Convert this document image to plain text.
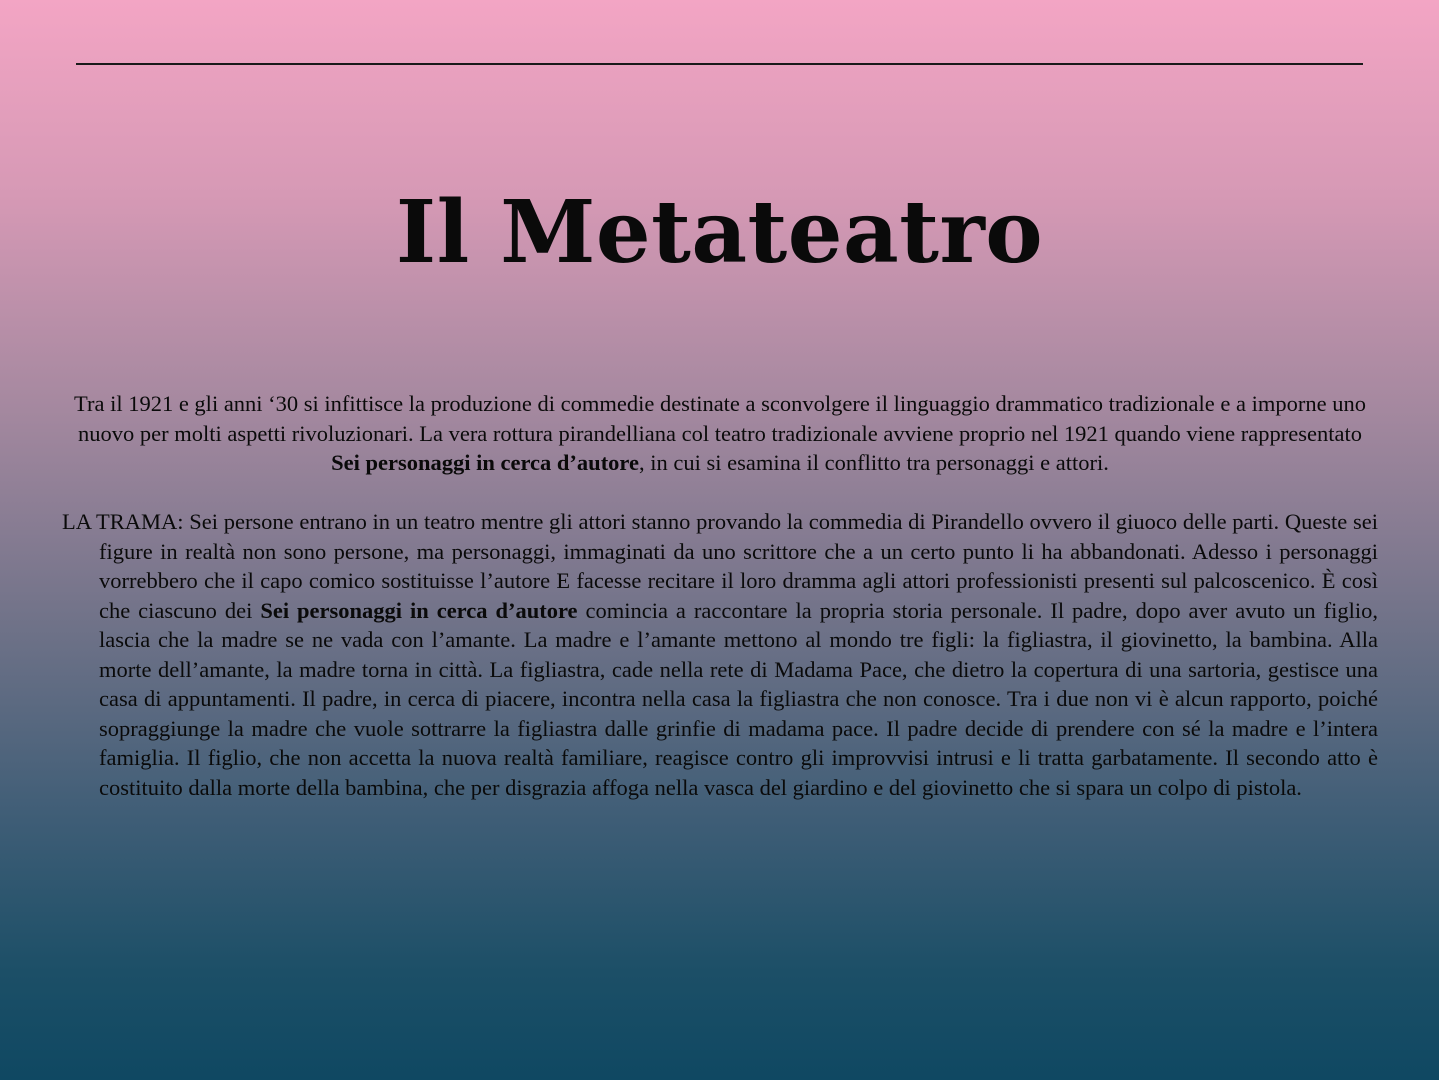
Il Metateatro

Tra il 1921 e gli anni ‘30 si infittisce la produzione di commedie destinate a sconvolgere il linguaggio drammatico tradizionale e a imporne uno nuovo per molti aspetti rivoluzionari. La vera rottura pirandelliana col teatro tradizionale avviene proprio nel 1921 quando viene rappresentato Sei personaggi in cerca d’autore, in cui si esamina il conflitto tra personaggi e attori.

LA TRAMA: Sei persone entrano in un teatro mentre gli attori stanno provando la commedia di Pirandello ovvero il giuoco delle parti. Queste sei figure in realtà non sono persone, ma personaggi, immaginati da uno scrittore che a un certo punto li ha abbandonati. Adesso i personaggi vorrebbero che il capo comico sostituisse l’autore E facesse recitare il loro dramma agli attori professionisti presenti sul palcoscenico. È così che ciascuno dei Sei personaggi in cerca d’autore comincia a raccontare la propria storia personale. Il padre, dopo aver avuto un figlio, lascia che la madre se ne vada con l’amante. La madre e l’amante mettono al mondo tre figli: la figliastra, il giovinetto, la bambina. Alla morte dell’amante, la madre torna in città. La figliastra, cade nella rete di Madama Pace, che dietro la copertura di una sartoria, gestisce una casa di appuntamenti. Il padre, in cerca di piacere, incontra nella casa la figliastra che non conosce. Tra i due non vi è alcun rapporto, poiché sopraggiunge la madre che vuole sottrarre la figliastra dalle grinfie di madama pace. Il padre decide di prendere con sé la madre e l’intera famiglia. Il figlio, che non accetta la nuova realtà familiare, reagisce contro gli improvvisi intrusi e li tratta garbatamente. Il secondo atto è costituito dalla morte della bambina, che per disgrazia affoga nella vasca del giardino e del giovinetto che si spara un colpo di pistola.
